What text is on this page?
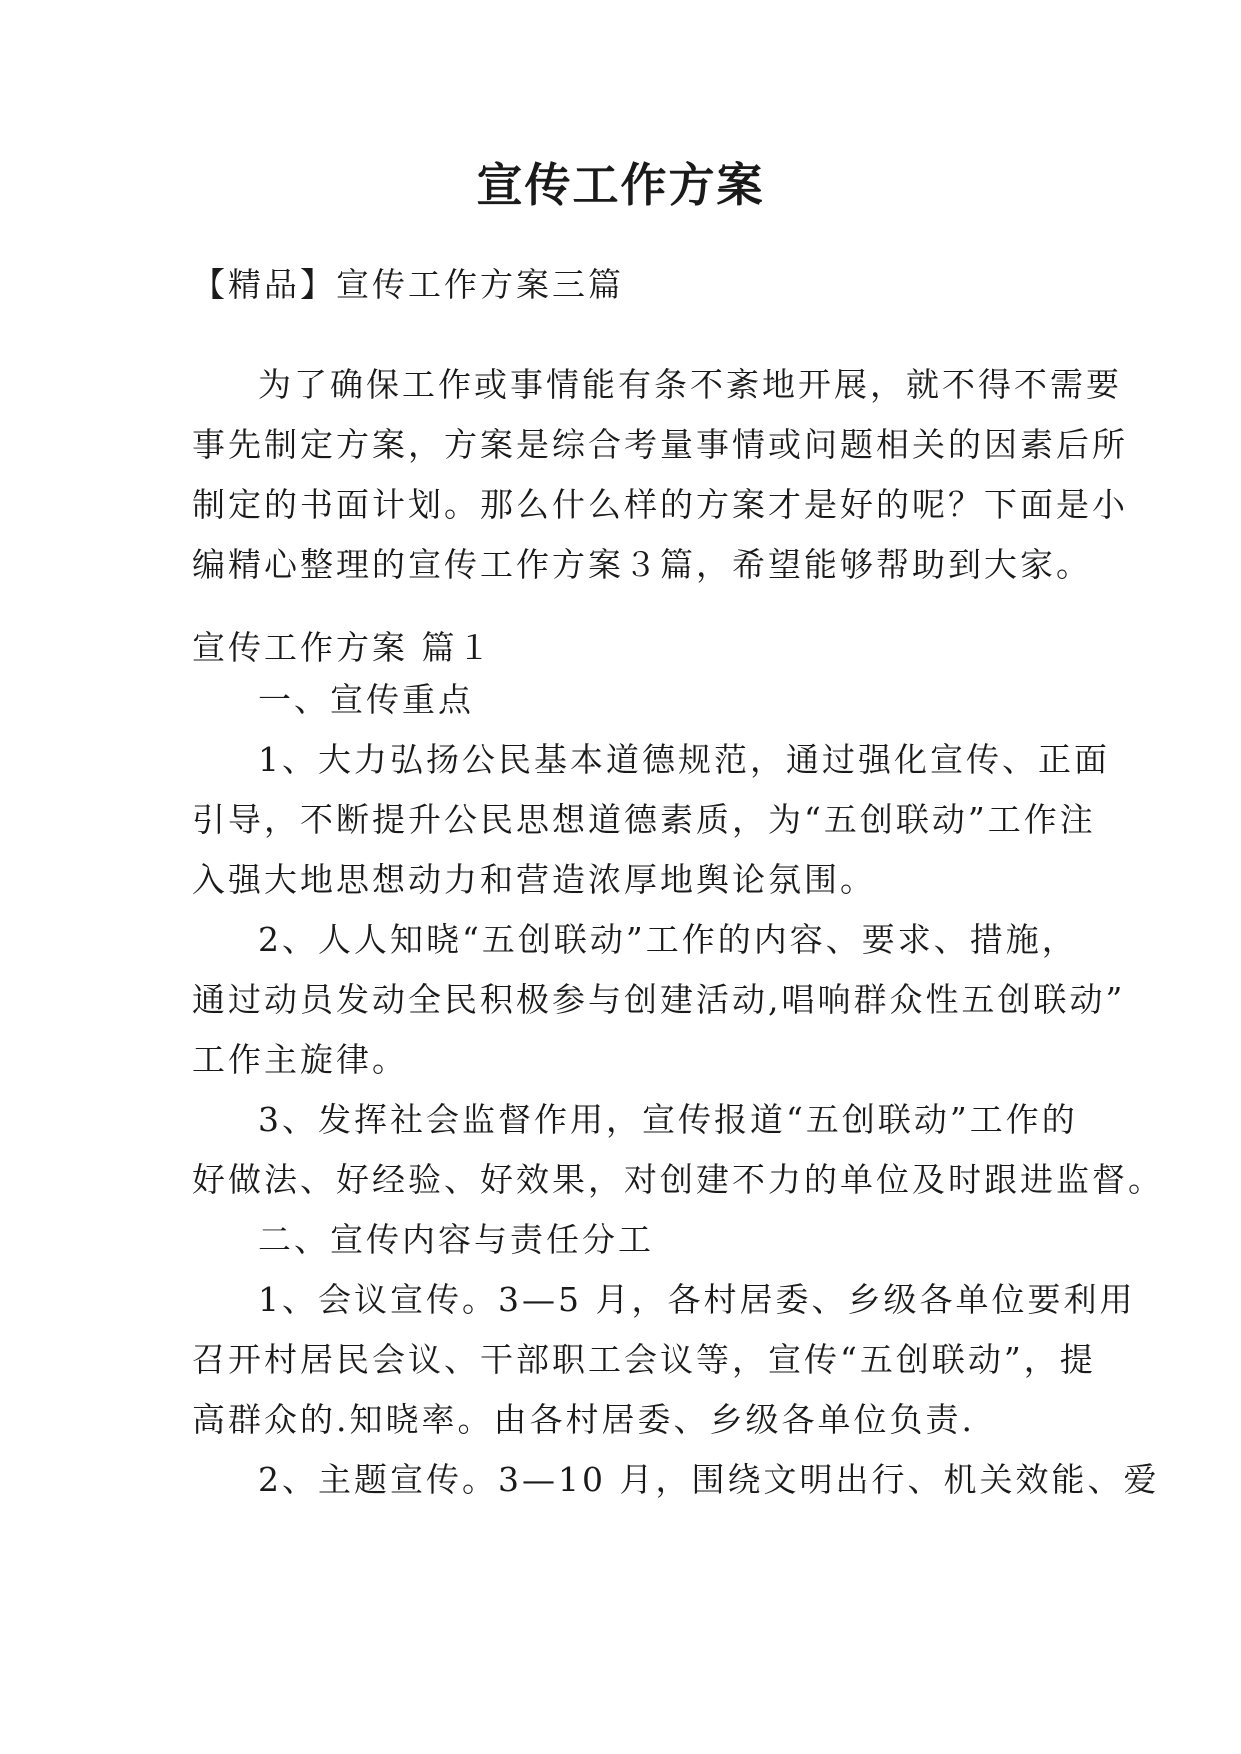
宣传工作方案
【精品】宣传工作方案三篇
为了确保工作或事情能有条不紊地开展，就不得不需要
事先制定方案，方案是综合考量事情或问题相关的因素后所
制定的书面计划。那么什么样的方案才是好的呢？下面是小
编精心整理的宣传工作方案３篇，希望能够帮助到大家。
宣传工作方案 篇１
一、宣传重点
1、大力弘扬公民基本道德规范，通过强化宣传、正面
引导，不断提升公民思想道德素质，为“五创联动”工作注
入强大地思想动力和营造浓厚地舆论氛围。
2、人人知晓“五创联动”工作的内容、要求、措施，
通过动员发动全民积极参与创建活动,唱响群众性五创联动”
工作主旋律。
3、发挥社会监督作用，宣传报道“五创联动”工作的
好做法、好经验、好效果，对创建不力的单位及时跟进监督。
二、宣传内容与责任分工
1、会议宣传。3—5 月，各村居委、乡级各单位要利用
召开村居民会议、干部职工会议等，宣传“五创联动”，提
高群众的.知晓率。由各村居委、乡级各单位负责.
2、主题宣传。3—10 月，围绕文明出行、机关效能、爱
